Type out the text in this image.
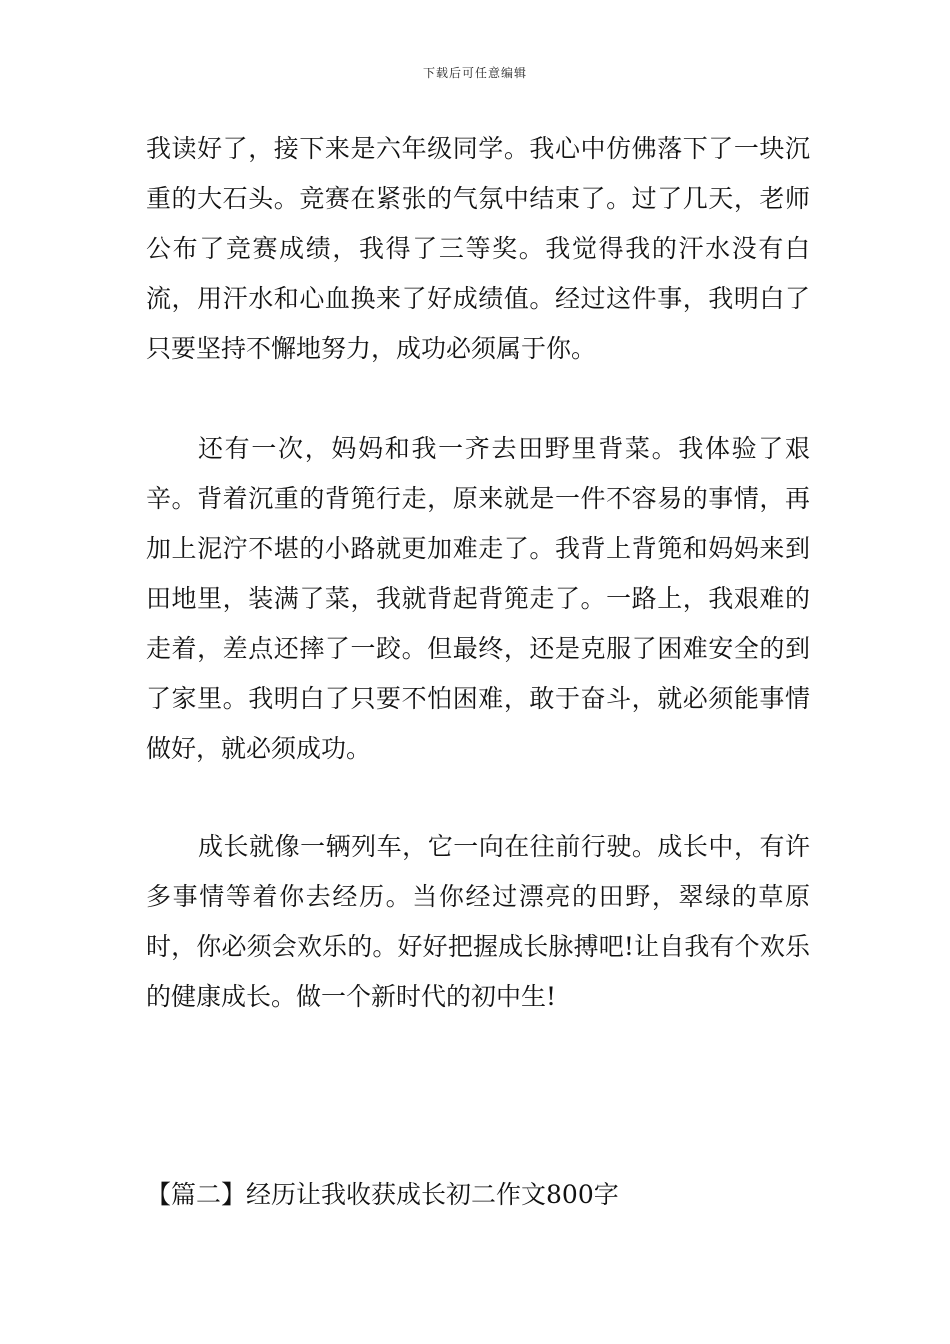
下载后可任意编辑

我读好了，接下来是六年级同学。我心中仿佛落下了一块沉重的大石头。竞赛在紧张的气氛中结束了。过了几天，老师公布了竞赛成绩，我得了三等奖。我觉得我的汗水没有白流，用汗水和心血换来了好成绩值。经过这件事，我明白了只要坚持不懈地努力，成功必须属于你。

还有一次，妈妈和我一齐去田野里背菜。我体验了艰辛。背着沉重的背篼行走，原来就是一件不容易的事情，再加上泥泞不堪的小路就更加难走了。我背上背篼和妈妈来到田地里，装满了菜，我就背起背篼走了。一路上，我艰难的走着，差点还摔了一跤。但最终，还是克服了困难安全的到了家里。我明白了只要不怕困难，敢于奋斗，就必须能事情做好，就必须成功。

成长就像一辆列车，它一向在往前行驶。成长中，有许多事情等着你去经历。当你经过漂亮的田野，翠绿的草原时，你必须会欢乐的。好好把握成长脉搏吧!让自我有个欢乐的健康成长。做一个新时代的初中生!

【篇二】经历让我收获成长初二作文800字
